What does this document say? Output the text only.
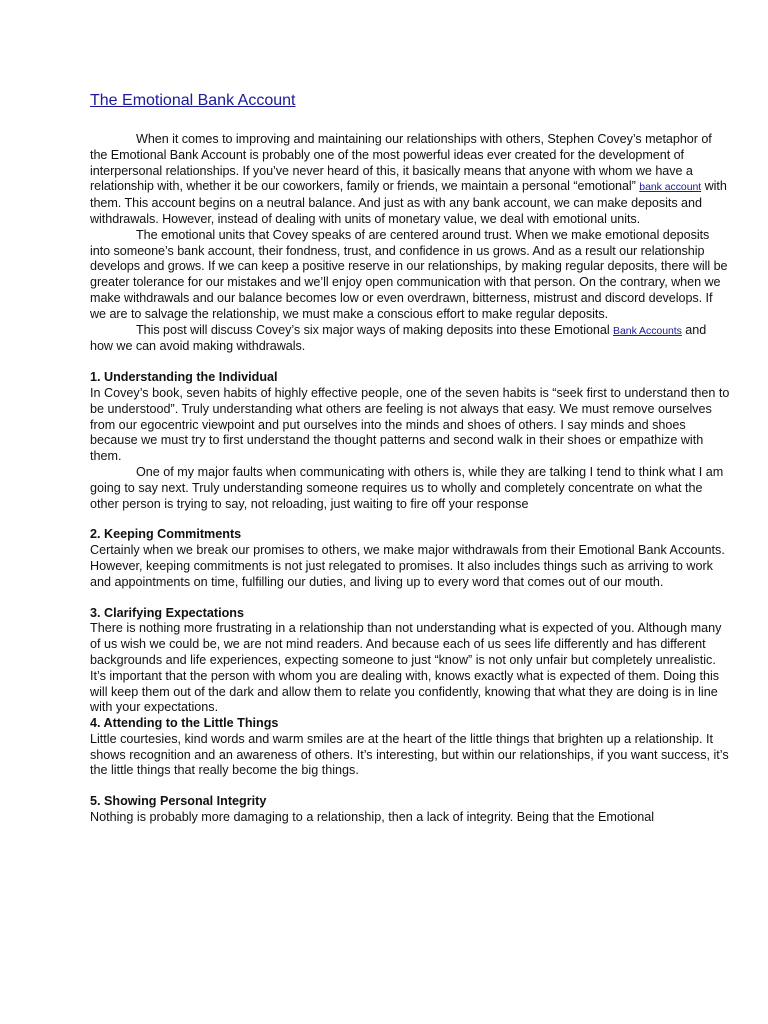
The Emotional Bank Account

When it comes to improving and maintaining our relationships with others, Stephen Covey’s metaphor of the Emotional Bank Account is probably one of the most powerful ideas ever created for the development of interpersonal relationships. If you’ve never heard of this, it basically means that anyone with whom we have a relationship with, whether it be our coworkers, family or friends, we maintain a personal “emotional” bank account with them. This account begins on a neutral balance. And just as with any bank account, we can make deposits and withdrawals. However, instead of dealing with units of monetary value, we deal with emotional units.

The emotional units that Covey speaks of are centered around trust. When we make emotional deposits into someone’s bank account, their fondness, trust, and confidence in us grows. And as a result our relationship develops and grows. If we can keep a positive reserve in our relationships, by making regular deposits, there will be greater tolerance for our mistakes and we’ll enjoy open communication with that person. On the contrary, when we make withdrawals and our balance becomes low or even overdrawn, bitterness, mistrust and discord develops. If we are to salvage the relationship, we must make a conscious effort to make regular deposits.

This post will discuss Covey’s six major ways of making deposits into these Emotional Bank Accounts and how we can avoid making withdrawals.

1. Understanding the Individual

In Covey’s book, seven habits of highly effective people, one of the seven habits is “seek first to understand then to be understood”. Truly understanding what others are feeling is not always that easy. We must remove ourselves from our egocentric viewpoint and put ourselves into the minds and shoes of others. I say minds and shoes because we must try to first understand the thought patterns and second walk in their shoes or empathize with them.

One of my major faults when communicating with others is, while they are talking I tend to think what I am going to say next. Truly understanding someone requires us to wholly and completely concentrate on what the other person is trying to say, not reloading, just waiting to fire off your response

2. Keeping Commitments

Certainly when we break our promises to others, we make major withdrawals from their Emotional Bank Accounts. However, keeping commitments is not just relegated to promises. It also includes things such as arriving to work and appointments on time, fulfilling our duties, and living up to every word that comes out of our mouth.

3. Clarifying Expectations

There is nothing more frustrating in a relationship than not understanding what is expected of you. Although many of us wish we could be, we are not mind readers. And because each of us sees life differently and has different backgrounds and life experiences, expecting someone to just “know” is not only unfair but completely unrealistic. It’s important that the person with whom you are dealing with, knows exactly what is expected of them. Doing this will keep them out of the dark and allow them to relate you confidently, knowing that what they are doing is in line with your expectations.

4. Attending to the Little Things

Little courtesies, kind words and warm smiles are at the heart of the little things that brighten up a relationship. It shows recognition and an awareness of others. It’s interesting, but within our relationships, if you want success, it’s the little things that really become the big things.

5. Showing Personal Integrity

Nothing is probably more damaging to a relationship, then a lack of integrity. Being that the Emotional
